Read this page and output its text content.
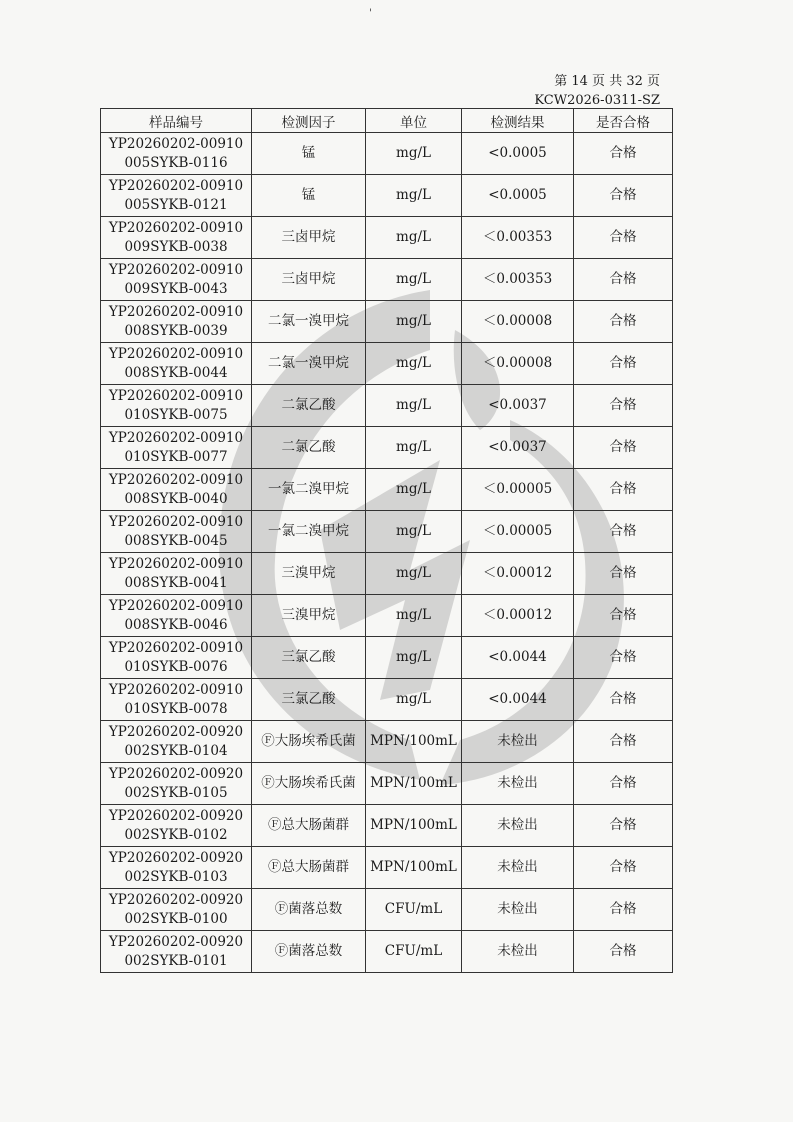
'
第 14 页 共 32 页
KCW2026-0311-SZ
样品编号	检测因子	单位	检测结果	是否合格

YP20260202-00910
005SYKB-0116	锰	mg/L	<0.0005	合格

YP20260202-00910
005SYKB-0121	锰	mg/L	<0.0005	合格

YP20260202-00910
009SYKB-0038	三卤甲烷	mg/L	＜0.00353	合格

YP20260202-00910
009SYKB-0043	三卤甲烷	mg/L	＜0.00353	合格

YP20260202-00910
008SYKB-0039	二氯一溴甲烷	mg/L	＜0.00008	合格

YP20260202-00910
008SYKB-0044	二氯一溴甲烷	mg/L	＜0.00008	合格

YP20260202-00910
010SYKB-0075	二氯乙酸	mg/L	<0.0037	合格

YP20260202-00910
010SYKB-0077	二氯乙酸	mg/L	<0.0037	合格

YP20260202-00910
008SYKB-0040	一氯二溴甲烷	mg/L	＜0.00005	合格

YP20260202-00910
008SYKB-0045	一氯二溴甲烷	mg/L	＜0.00005	合格

YP20260202-00910
008SYKB-0041	三溴甲烷	mg/L	＜0.00012	合格

YP20260202-00910
008SYKB-0046	三溴甲烷	mg/L	＜0.00012	合格

YP20260202-00910
010SYKB-0076	三氯乙酸	mg/L	<0.0044	合格

YP20260202-00910
010SYKB-0078	三氯乙酸	mg/L	<0.0044	合格

YP20260202-00920
002SYKB-0104	Ⓕ大肠埃希氏菌	MPN/100mL	未检出	合格

YP20260202-00920
002SYKB-0105	Ⓕ大肠埃希氏菌	MPN/100mL	未检出	合格

YP20260202-00920
002SYKB-0102	Ⓕ总大肠菌群	MPN/100mL	未检出	合格

YP20260202-00920
002SYKB-0103	Ⓕ总大肠菌群	MPN/100mL	未检出	合格

YP20260202-00920
002SYKB-0100	Ⓕ菌落总数	CFU/mL	未检出	合格

YP20260202-00920
002SYKB-0101	Ⓕ菌落总数	CFU/mL	未检出	合格
